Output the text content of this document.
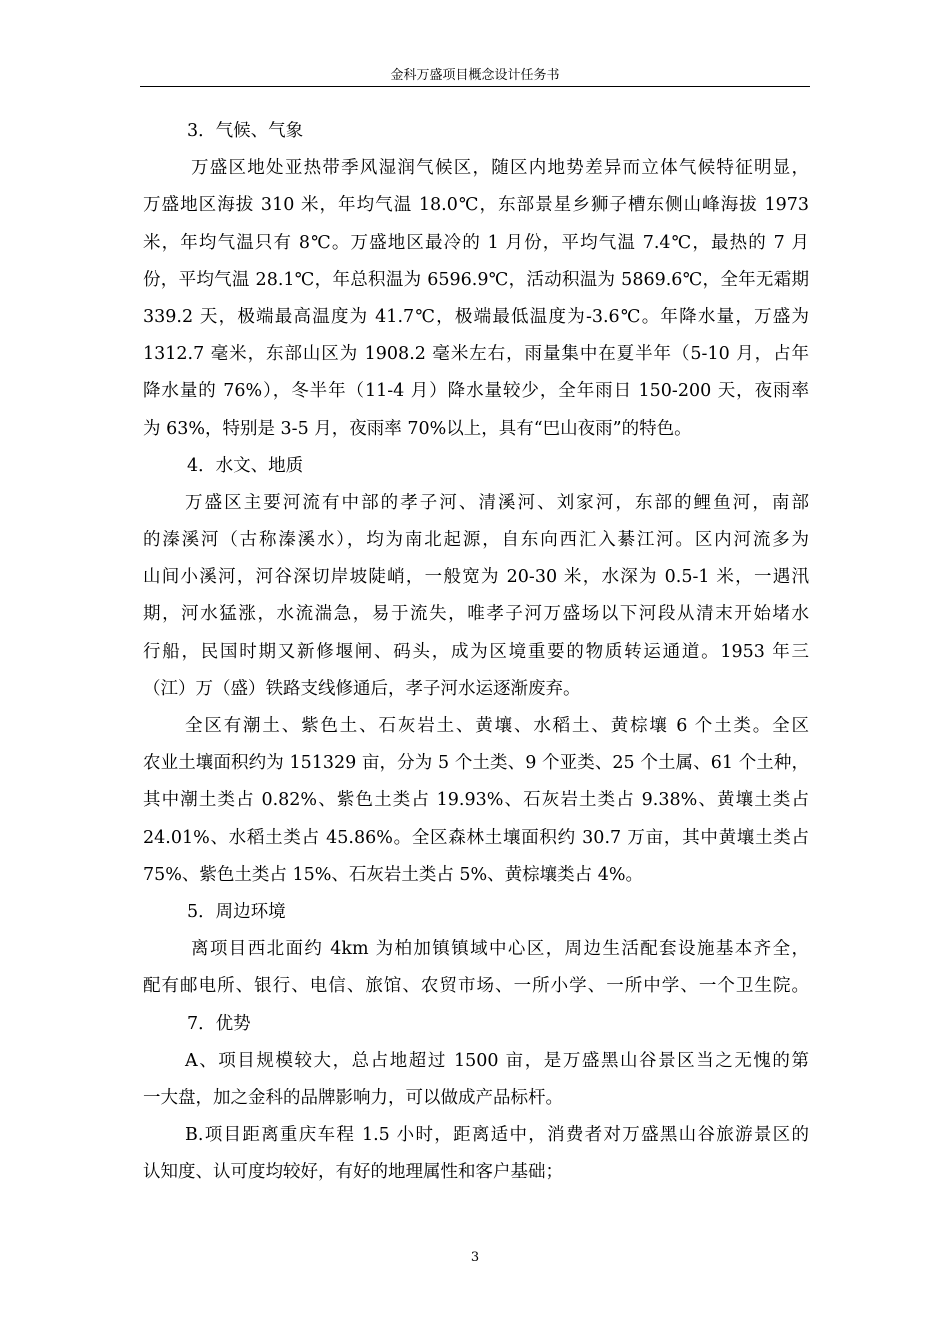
金科万盛项目概念设计任务书
3．气候、气象
万盛区地处亚热带季风湿润气候区，随区内地势差异而立体气候特征明显，
万盛地区海拔 310 米，年均气温 18.0℃，东部景星乡狮子槽东侧山峰海拔 1973
米，年均气温只有 8℃。万盛地区最冷的 1 月份，平均气温 7.4℃，最热的 7 月
份，平均气温 28.1℃，年总积温为 6596.9℃，活动积温为 5869.6℃，全年无霜期
339.2 天，极端最高温度为 41.7℃，极端最低温度为-3.6℃。年降水量，万盛为
1312.7 毫米，东部山区为 1908.2 毫米左右，雨量集中在夏半年（5-10 月，占年
降水量的 76%），冬半年（11-4 月）降水量较少，全年雨日 150-200 天，夜雨率
为 63%，特别是 3-5 月，夜雨率 70%以上，具有“巴山夜雨”的特色。
4．水文、地质
万盛区主要河流有中部的孝子河、清溪河、刘家河，东部的鲤鱼河，南部
的溱溪河（古称溱溪水），均为南北起源，自东向西汇入綦江河。区内河流多为
山间小溪河，河谷深切岸坡陡峭，一般宽为 20-30 米，水深为 0.5-1 米，一遇汛
期，河水猛涨，水流湍急，易于流失，唯孝子河万盛场以下河段从清末开始堵水
行船，民国时期又新修堰闸、码头，成为区境重要的物质转运通道。1953 年三
（江）万（盛）铁路支线修通后，孝子河水运逐渐废弃。
全区有潮土、紫色土、石灰岩土、黄壤、水稻土、黄棕壤 6 个土类。全区
农业土壤面积约为 151329 亩，分为 5 个土类、9 个亚类、25 个土属、61 个土种，
其中潮土类占 0.82%、紫色土类占 19.93%、石灰岩土类占 9.38%、黄壤土类占
24.01%、水稻土类占 45.86%。全区森林土壤面积约 30.7 万亩，其中黄壤土类占
75%、紫色土类占 15%、石灰岩土类占 5%、黄棕壤类占 4%。
5．周边环境
离项目西北面约 4km 为柏加镇镇域中心区，周边生活配套设施基本齐全，
配有邮电所、银行、电信、旅馆、农贸市场、一所小学、一所中学、一个卫生院。
7．优势
A、项目规模较大，总占地超过 1500 亩，是万盛黑山谷景区当之无愧的第
一大盘，加之金科的品牌影响力，可以做成产品标杆。
B.项目距离重庆车程 1.5 小时，距离适中，消费者对万盛黑山谷旅游景区的
认知度、认可度均较好，有好的地理属性和客户基础；
3
